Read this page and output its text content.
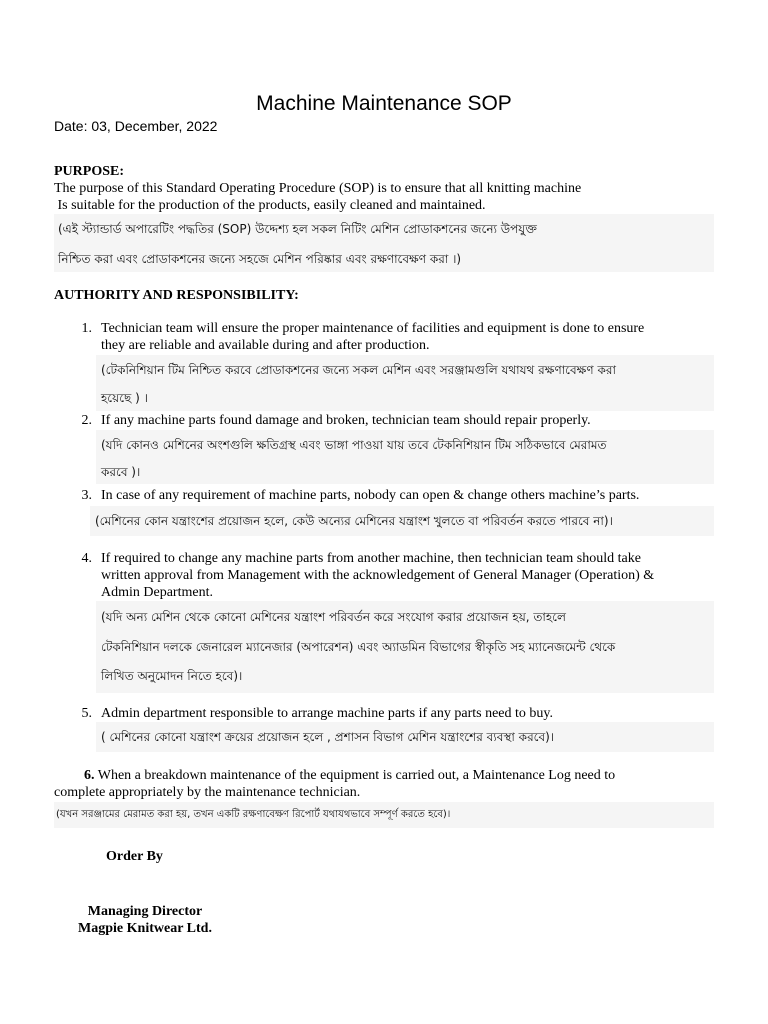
Machine Maintenance SOP
Date: 03, December, 2022
PURPOSE:
The purpose of this Standard Operating Procedure (SOP) is to ensure that all knitting machine
Is suitable for the production of the products, easily cleaned and maintained.
(এই স্ট্যান্ডার্ড অপারেটিং পদ্ধতির (SOP) উদ্দেশ্য হল সকল নিটিং মেশিন প্রোডাকশনের জন্যে উপযুক্ত
নিশ্চিত করা এবং প্রোডাকশনের জন্যে সহজে মেশিন পরিষ্কার এবং রক্ষণাবেক্ষণ করা ।)
AUTHORITY AND RESPONSIBILITY:
1. Technician team will ensure the proper maintenance of facilities and equipment is done to ensure
they are reliable and available during and after production.
(টেকনিশিয়ান টিম নিশ্চিত করবে প্রোডাকশনের জন্যে সকল মেশিন এবং সরঞ্জামগুলি যথাযথ রক্ষণাবেক্ষণ করা
হয়েছে ) ।
2. If any machine parts found damage and broken, technician team should repair properly.
(যদি কোনও মেশিনের অংশগুলি ক্ষতিগ্রস্থ এবং ভাঙ্গা পাওয়া যায় তবে টেকনিশিয়ান টিম সঠিকভাবে মেরামত
করবে )।
3. In case of any requirement of machine parts, nobody can open & change others machine’s parts.
(মেশিনের কোন যন্ত্রাংশের প্রয়োজন হলে, কেউ অন্যের মেশিনের যন্ত্রাংশ খুলতে বা পরিবর্তন করতে পারবে না)।
4. If required to change any machine parts from another machine, then technician team should take
written approval from Management with the acknowledgement of General Manager (Operation) &
Admin Department.
(যদি অন্য মেশিন থেকে কোনো মেশিনের যন্ত্রাংশ পরিবর্তন করে সংযোগ করার প্রয়োজন হয়, তাহলে
টেকনিশিয়ান দলকে জেনারেল ম্যানেজার (অপারেশন) এবং অ্যাডমিন বিভাগের স্বীকৃতি সহ ম্যানেজমেন্ট থেকে
লিখিত অনুমোদন নিতে হবে)।
5. Admin department responsible to arrange machine parts if any parts need to buy.
( মেশিনের কোনো যন্ত্রাংশ ক্রয়ের প্রয়োজন হলে , প্রশাসন বিভাগ মেশিন যন্ত্রাংশের ব্যবস্থা করবে)।
6. When a breakdown maintenance of the equipment is carried out, a Maintenance Log need to
complete appropriately by the maintenance technician.
(যখন সরঞ্জামের মেরামত করা হয়, তখন একটি রক্ষণাবেক্ষণ রিপোর্ট যথাযথভাবে সম্পূর্ণ করতে হবে)।
Order By
Managing Director
Magpie Knitwear Ltd.
